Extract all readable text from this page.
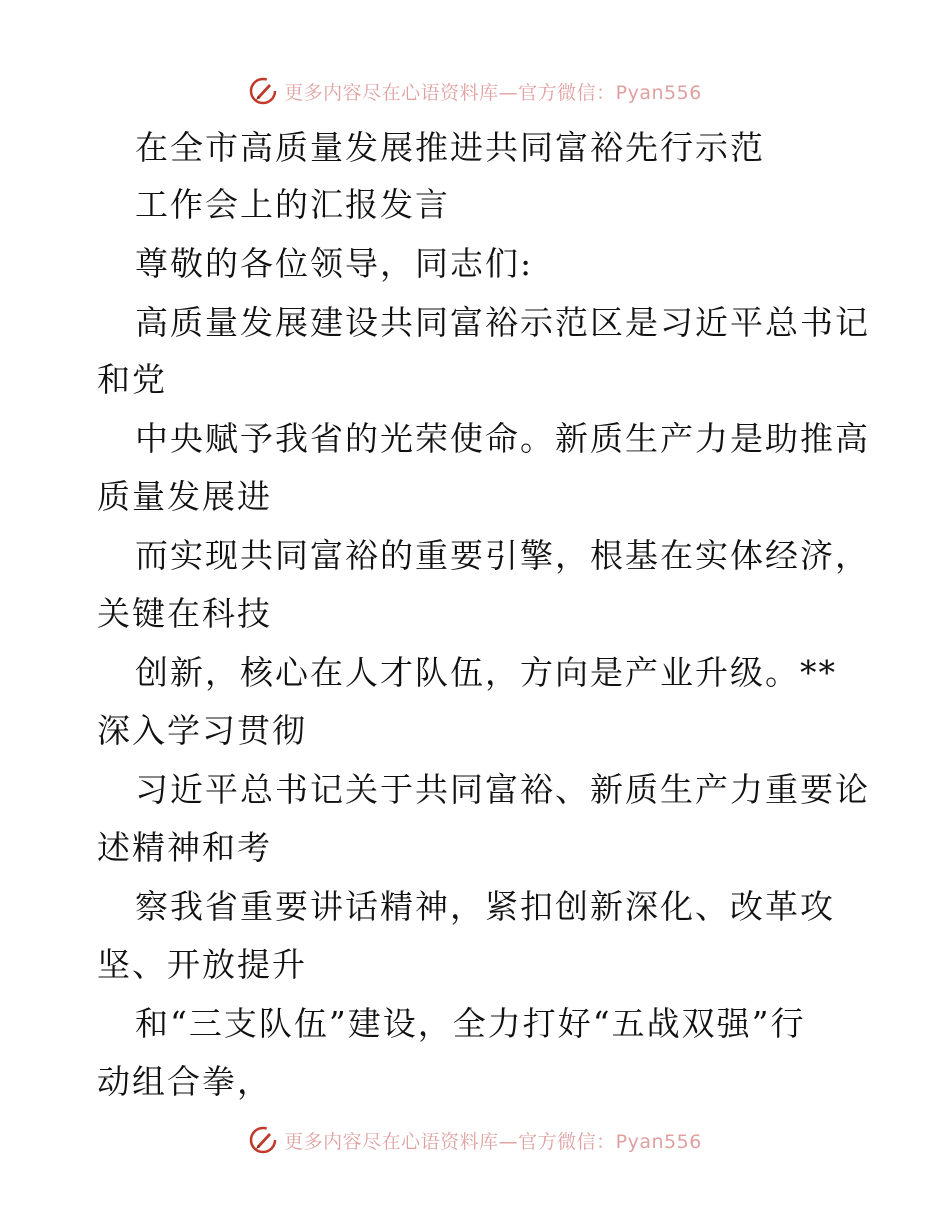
更多内容尽在心语资料库—官方微信：Pyan556
在全市高质量发展推进共同富裕先行示范
工作会上的汇报发言
尊敬的各位领导，同志们:
高质量发展建设共同富裕示范区是习近平总书记
和党
中央赋予我省的光荣使命。新质生产力是助推高
质量发展进
而实现共同富裕的重要引擎，根基在实体经济，
关键在科技
创新，核心在人才队伍，方向是产业升级。**
深入学习贯彻
习近平总书记关于共同富裕、新质生产力重要论
述精神和考
察我省重要讲话精神，紧扣创新深化、改革攻
坚、开放提升
和“三支队伍”建设，全力打好“五战双强”行
动组合拳，
更多内容尽在心语资料库—官方微信：Pyan556
